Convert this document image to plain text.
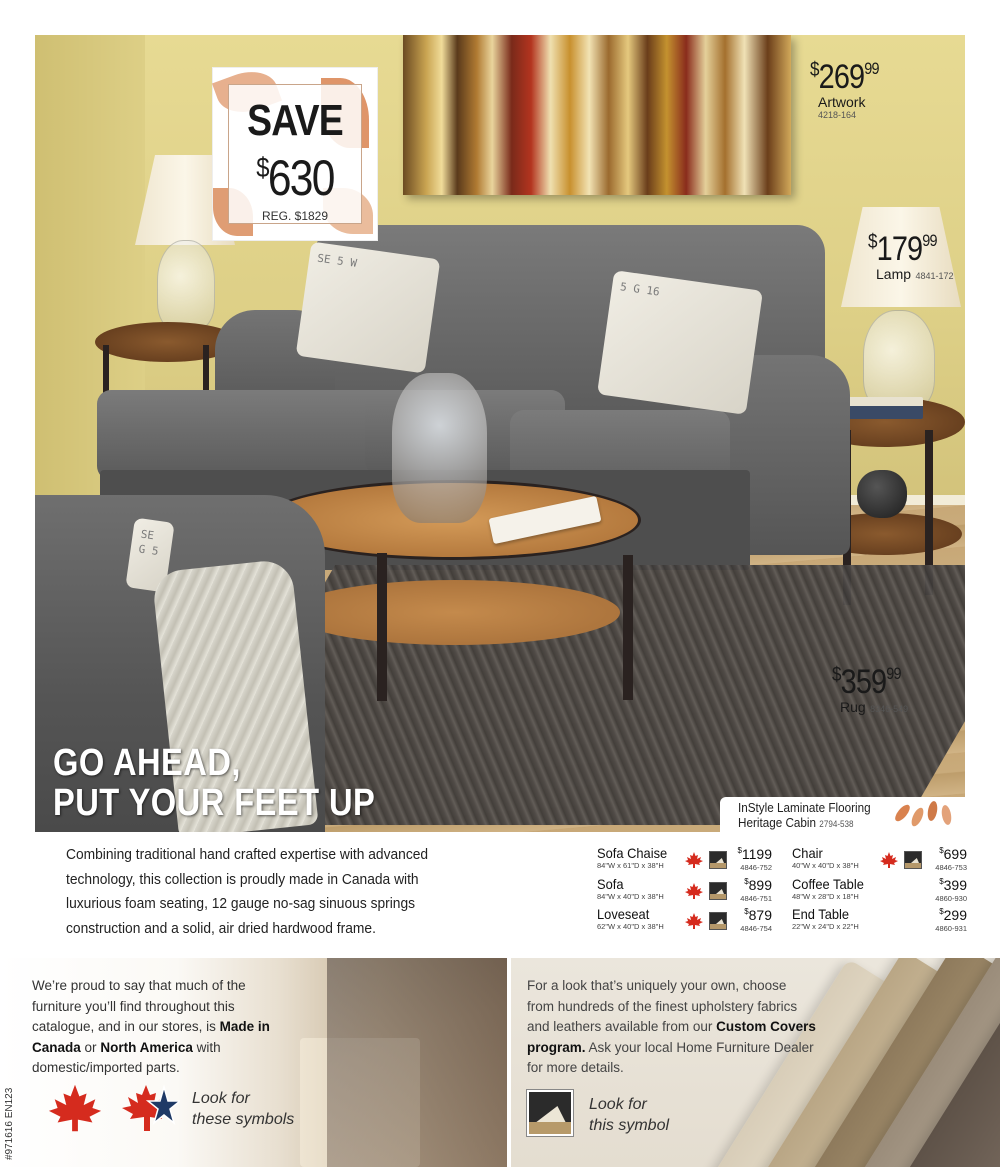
SE 5 W
5 G 16
SE G 5
SAVE
$630
REG. $1829
$^{\$}269^{99}$
Artwork
4218-164
$^{\$}179^{99}$
Lamp 4841-172
$^{\$}359^{99}$
Rug 8346-549
GO AHEAD,
PUT YOUR FEET UP	InStyle Laminate Flooring
Heritage Cabin 2794-538
Combining traditional hand crafted expertise with advanced technology, this collection is proudly made in Canada with luxurious foam seating, 12 gauge no-sag sinuous springs construction and a solid, air dried hardwood frame.
Sofa Chaise
84"W x 61"D x 38"H
$1199
4846-752
Sofa
84"W x 40"D x 38"H
$899
4846-751
Loveseat
62"W x 40"D x 38"H
$879
4846-754
Chair
40"W x 40"D x 38"H
$699
4846-753
Coffee Table
48"W x 28"D x 18"H
$399
4860-930
End Table
22"W x 24"D x 22"H
$299
4860-931
We’re proud to say that much of the furniture you’ll find throughout this catalogue, and in our stores, is Made in Canada or North America with domestic/imported parts.
Look for
these symbols
#971616 EN123
For a look that’s uniquely your own, choose from hundreds of the finest upholstery fabrics and leathers available from our Custom Covers program. Ask your local Home Furniture Dealer for more details.
Look for
this symbol
